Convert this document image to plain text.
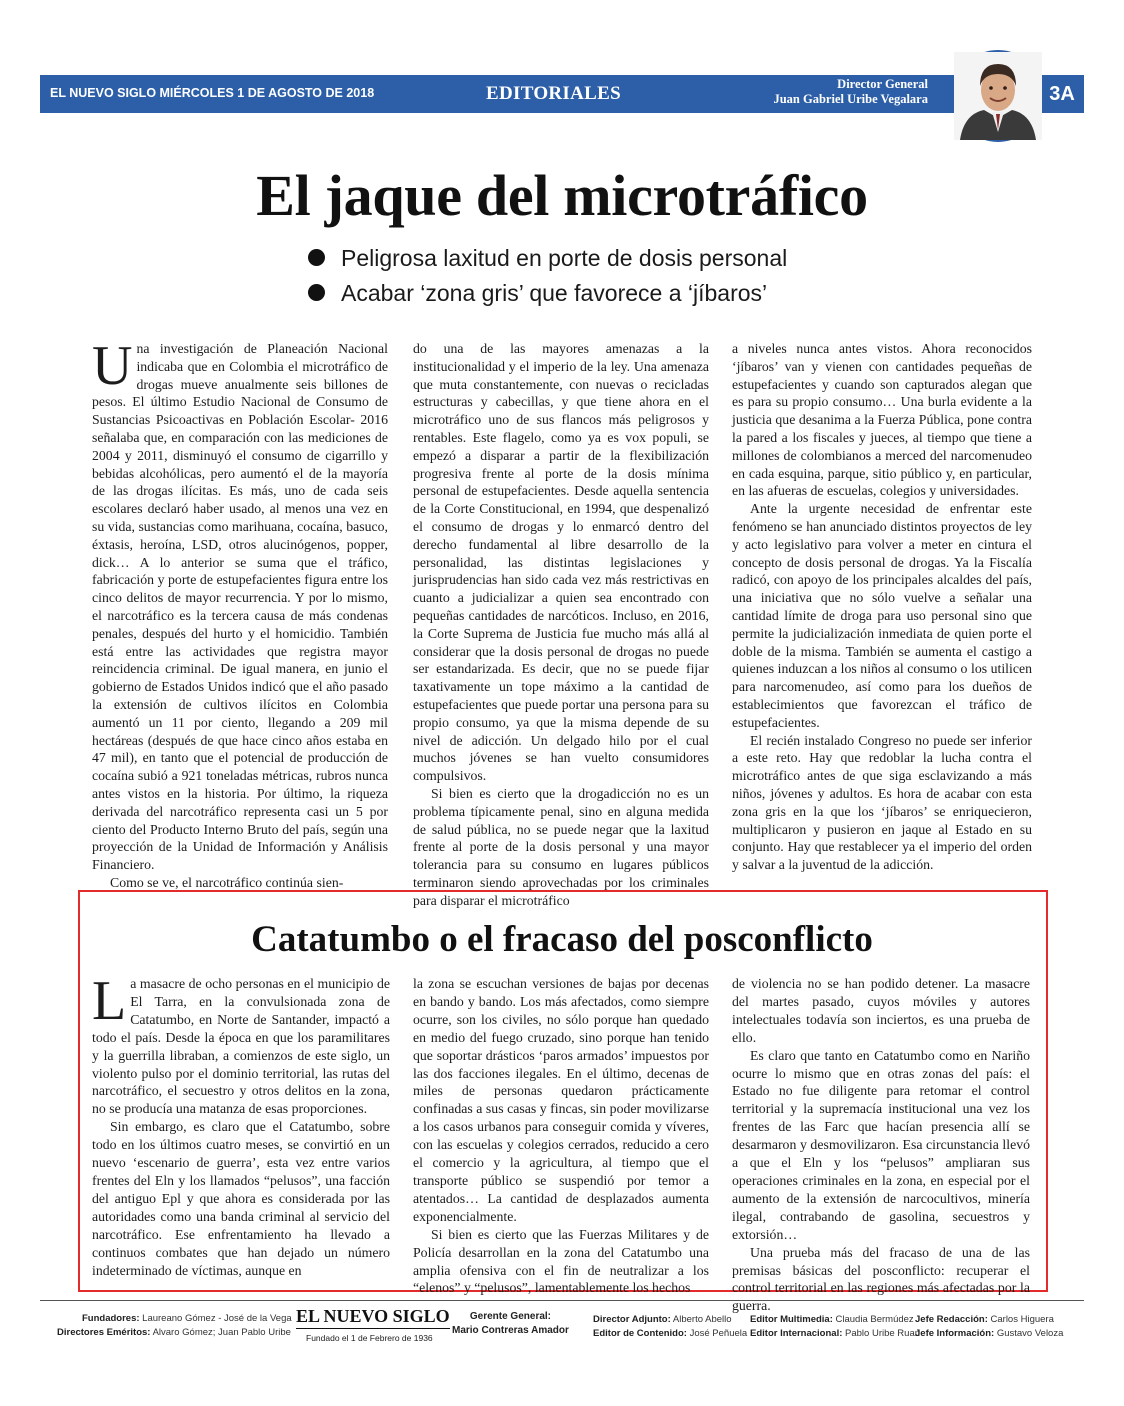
EL NUEVO SIGLO MIÉRCOLES 1 DE AGOSTO DE 2018	EDITORIALES	Director General
Juan Gabriel Uribe Vegalara	3A
El jaque del microtráfico
Peligrosa laxitud en porte de dosis personal
Acabar ‘zona gris’ que favorece a ‘jíbaros’

Una investigación de Planeación Nacional indicaba que en Colombia el microtráfico de drogas mueve anualmente seis billones de pesos. El último Estudio Nacional de Consumo de Sustancias Psicoactivas en Población Escolar- 2016 señalaba que, en comparación con las mediciones de 2004 y 2011, disminuyó el consumo de cigarrillo y bebidas alcohólicas, pero aumentó el de la mayoría de las drogas ilícitas. Es más, uno de cada seis escolares declaró haber usado, al menos una vez en su vida, sustancias como marihuana, cocaína, basuco, éxtasis, heroína, LSD, otros alucinógenos, popper, dick… A lo anterior se suma que el tráfico, fabricación y porte de estupefacientes figura entre los cinco delitos de mayor recurrencia. Y por lo mismo, el narcotráfico es la tercera causa de más condenas penales, después del hurto y el homicidio. También está entre las actividades que registra mayor reincidencia criminal. De igual manera, en junio el gobierno de Estados Unidos indicó que el año pasado la extensión de cultivos ilícitos en Colombia aumentó un 11 por ciento, llegando a 209 mil hectáreas (después de que hace cinco años estaba en 47 mil), en tanto que el potencial de producción de cocaína subió a 921 toneladas métricas, rubros nunca antes vistos en la historia. Por último, la riqueza derivada del narcotráfico representa casi un 5 por ciento del Producto Interno Bruto del país, según una proyección de la Unidad de Información y Análisis Financiero.

Como se ve, el narcotráfico continúa sien-

do una de las mayores amenazas a la institucionalidad y el imperio de la ley. Una amenaza que muta constantemente, con nuevas o recicladas estructuras y cabecillas, y que tiene ahora en el microtráfico uno de sus flancos más peligrosos y rentables. Este flagelo, como ya es vox populi, se empezó a disparar a partir de la flexibilización progresiva frente al porte de la dosis mínima personal de estupefacientes. Desde aquella sentencia de la Corte Constitucional, en 1994, que despenalizó el consumo de drogas y lo enmarcó dentro del derecho fundamental al libre desarrollo de la personalidad, las distintas legislaciones y jurisprudencias han sido cada vez más restrictivas en cuanto a judicializar a quien sea encontrado con pequeñas cantidades de narcóticos. Incluso, en 2016, la Corte Suprema de Justicia fue mucho más allá al considerar que la dosis personal de drogas no puede ser estandarizada. Es decir, que no se puede fijar taxativamente un tope máximo a la cantidad de estupefacientes que puede portar una persona para su propio consumo, ya que la misma depende de su nivel de adicción. Un delgado hilo por el cual muchos jóvenes se han vuelto consumidores compulsivos.

Si bien es cierto que la drogadicción no es un problema típicamente penal, sino en alguna medida de salud pública, no se puede negar que la laxitud frente al porte de la dosis personal y una mayor tolerancia para su consumo en lugares públicos terminaron siendo aprovechadas por los criminales para disparar el microtráfico

a niveles nunca antes vistos. Ahora reconocidos ‘jíbaros’ van y vienen con cantidades pequeñas de estupefacientes y cuando son capturados alegan que es para su propio consumo… Una burla evidente a la justicia que desanima a la Fuerza Pública, pone contra la pared a los fiscales y jueces, al tiempo que tiene a millones de colombianos a merced del narcomenudeo en cada esquina, parque, sitio público y, en particular, en las afueras de escuelas, colegios y universidades.

Ante la urgente necesidad de enfrentar este fenómeno se han anunciado distintos proyectos de ley y acto legislativo para volver a meter en cintura el concepto de dosis personal de drogas. Ya la Fiscalía radicó, con apoyo de los principales alcaldes del país, una iniciativa que no sólo vuelve a señalar una cantidad límite de droga para uso personal sino que permite la judicialización inmediata de quien porte el doble de la misma. También se aumenta el castigo a quienes induzcan a los niños al consumo o los utilicen para narcomenudeo, así como para los dueños de establecimientos que favorezcan el tráfico de estupefacientes.

El recién instalado Congreso no puede ser inferior a este reto. Hay que redoblar la lucha contra el microtráfico antes de que siga esclavizando a más niños, jóvenes y adultos. Es hora de acabar con esta zona gris en la que los ‘jíbaros’ se enriquecieron, multiplicaron y pusieron en jaque al Estado en su conjunto. Hay que restablecer ya el imperio del orden y salvar a la juventud de la adicción.

Catatumbo o el fracaso del posconflicto

La masacre de ocho personas en el municipio de El Tarra, en la convulsionada zona de Catatumbo, en Norte de Santander, impactó a todo el país. Desde la época en que los paramilitares y la guerrilla libraban, a comienzos de este siglo, un violento pulso por el dominio territorial, las rutas del narcotráfico, el secuestro y otros delitos en la zona, no se producía una matanza de esas proporciones.

Sin embargo, es claro que el Catatumbo, sobre todo en los últimos cuatro meses, se convirtió en un nuevo ‘escenario de guerra’, esta vez entre varios frentes del Eln y los llamados “pelusos”, una facción del antiguo Epl y que ahora es considerada por las autoridades como una banda criminal al servicio del narcotráfico. Ese enfrentamiento ha llevado a continuos combates que han dejado un número indeterminado de víctimas, aunque en

la zona se escuchan versiones de bajas por decenas en bando y bando. Los más afectados, como siempre ocurre, son los civiles, no sólo porque han quedado en medio del fuego cruzado, sino porque han tenido que soportar drásticos ‘paros armados’ impuestos por las dos facciones ilegales. En el último, decenas de miles de personas quedaron prácticamente confinadas a sus casas y fincas, sin poder movilizarse a los casos urbanos para conseguir comida y víveres, con las escuelas y colegios cerrados, reducido a cero el comercio y la agricultura, al tiempo que el transporte público se suspendió por temor a atentados… La cantidad de desplazados aumenta exponencialmente.

Si bien es cierto que las Fuerzas Militares y de Policía desarrollan en la zona del Catatumbo una amplia ofensiva con el fin de neutralizar a los “elenos” y “pelusos”, lamentablemente los hechos

de violencia no se han podido detener. La masacre del martes pasado, cuyos móviles y autores intelectuales todavía son inciertos, es una prueba de ello.

Es claro que tanto en Catatumbo como en Nariño ocurre lo mismo que en otras zonas del país: el Estado no fue diligente para retomar el control territorial y la supremacía institucional una vez los frentes de las Farc que hacían presencia allí se desarmaron y desmovilizaron. Esa circunstancia llevó a que el Eln y los “pelusos” ampliaran sus operaciones criminales en la zona, en especial por el aumento de la extensión de narcocultivos, minería ilegal, contrabando de gasolina, secuestros y extorsión…

Una prueba más del fracaso de una de las premisas básicas del posconflicto: recuperar el control territorial en las regiones más afectadas por la guerra.

Fundadores: Laureano Gómez - José de la Vega
Directores Eméritos: Alvaro Gómez; Juan Pablo Uribe
EL NUEVO SIGLO
Fundado el 1 de Febrero de 1936
Gerente General:
Mario Contreras Amador
Director Adjunto: Alberto Abello
Editor de Contenido: José Peñuela
Editor Multimedia: Claudia Bermúdez
Editor Internacional: Pablo Uribe Ruan
Jefe Redacción: Carlos Higuera
Jefe Información: Gustavo Veloza
